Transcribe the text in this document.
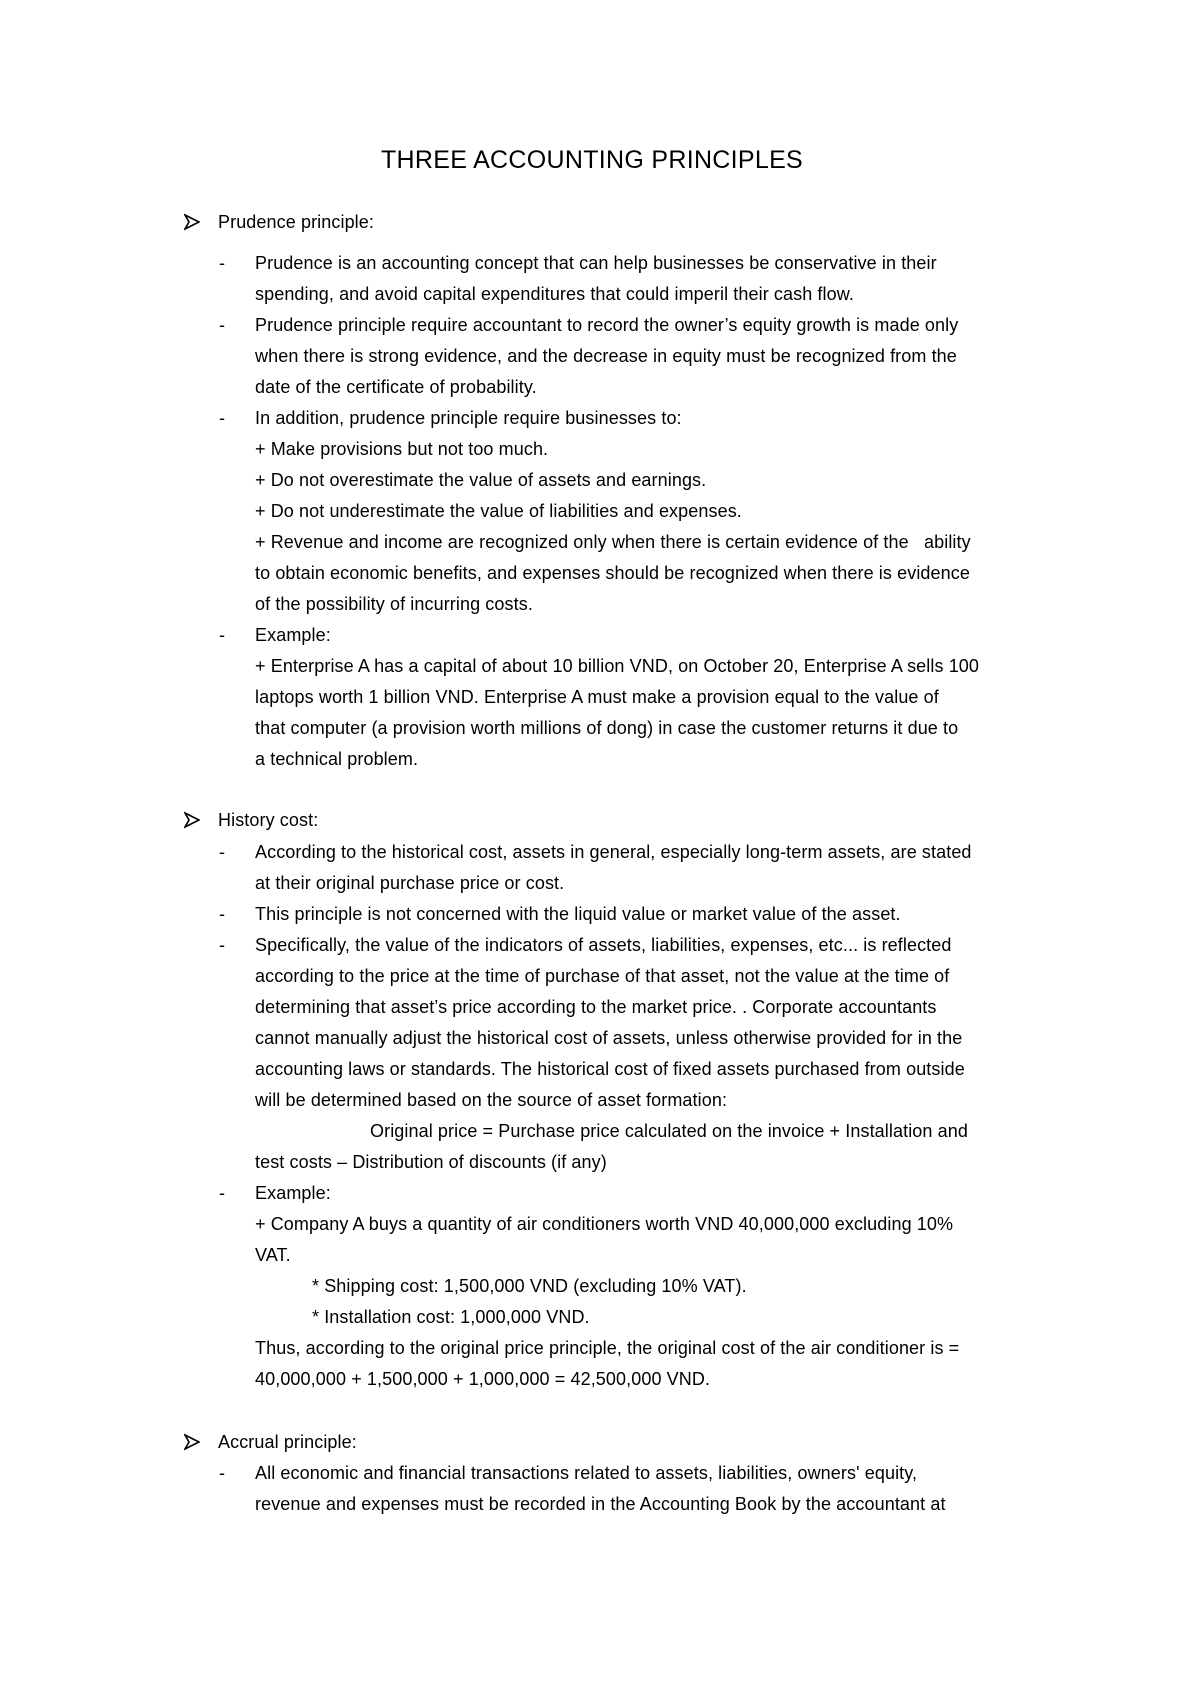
THREE ACCOUNTING PRINCIPLES
Prudence principle:
- Prudence is an accounting concept that can help businesses be conservative in their
spending, and avoid capital expenditures that could imperil their cash flow.
- Prudence principle require accountant to record the owner’s equity growth is made only
when there is strong evidence, and the decrease in equity must be recognized from the
date of the certificate of probability.
- In addition, prudence principle require businesses to:
+ Make provisions but not too much.
+ Do not overestimate the value of assets and earnings.
+ Do not underestimate the value of liabilities and expenses.
+ Revenue and income are recognized only when there is certain evidence of the   ability
to obtain economic benefits, and expenses should be recognized when there is evidence
of the possibility of incurring costs.
- Example:
+ Enterprise A has a capital of about 10 billion VND, on October 20, Enterprise A sells 100
laptops worth 1 billion VND. Enterprise A must make a provision equal to the value of
that computer (a provision worth millions of dong) in case the customer returns it due to
a technical problem.
History cost:
- According to the historical cost, assets in general, especially long-term assets, are stated
at their original purchase price or cost.
- This principle is not concerned with the liquid value or market value of the asset.
- Specifically, the value of the indicators of assets, liabilities, expenses, etc... is reflected
according to the price at the time of purchase of that asset, not the value at the time of
determining that asset’s price according to the market price. . Corporate accountants
cannot manually adjust the historical cost of assets, unless otherwise provided for in the
accounting laws or standards. The historical cost of fixed assets purchased from outside
will be determined based on the source of asset formation:
Original price = Purchase price calculated on the invoice + Installation and
test costs – Distribution of discounts (if any)
- Example:
+ Company A buys a quantity of air conditioners worth VND 40,000,000 excluding 10%
VAT.
* Shipping cost: 1,500,000 VND (excluding 10% VAT).
* Installation cost: 1,000,000 VND.
Thus, according to the original price principle, the original cost of the air conditioner is =
40,000,000 + 1,500,000 + 1,000,000 = 42,500,000 VND.
Accrual principle:
- All economic and financial transactions related to assets, liabilities, owners' equity,
revenue and expenses must be recorded in the Accounting Book by the accountant at
